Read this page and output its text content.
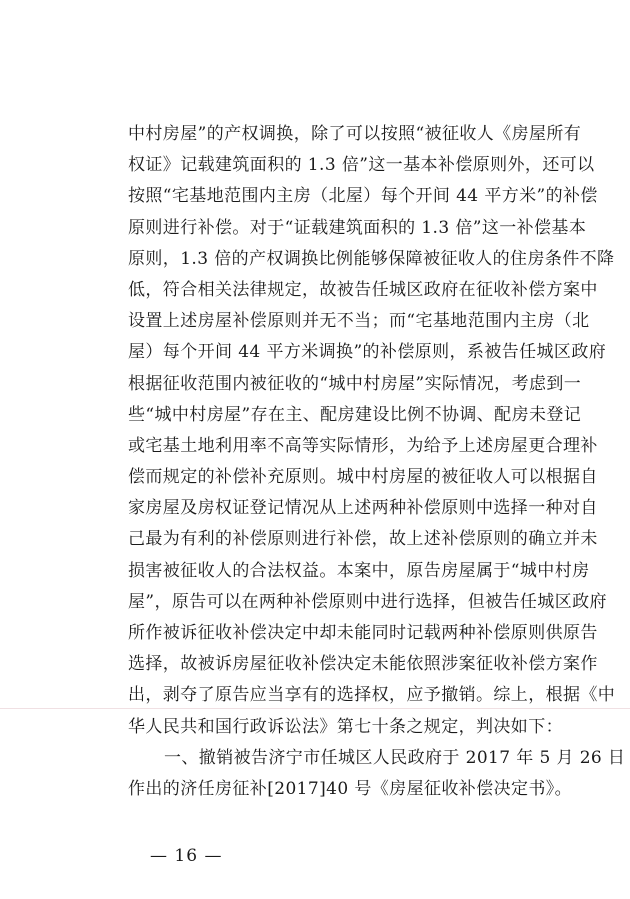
中村房屋”的产权调换，除了可以按照“被征收人《房屋所有
权证》记载建筑面积的 1.3 倍”这一基本补偿原则外，还可以
按照“宅基地范围内主房（北屋）每个开间 44 平方米”的补偿
原则进行补偿。对于“证载建筑面积的 1.3 倍”这一补偿基本
原则，1.3 倍的产权调换比例能够保障被征收人的住房条件不降
低，符合相关法律规定，故被告任城区政府在征收补偿方案中
设置上述房屋补偿原则并无不当；而“宅基地范围内主房（北
屋）每个开间 44 平方米调换”的补偿原则，系被告任城区政府
根据征收范围内被征收的“城中村房屋”实际情况，考虑到一
些“城中村房屋”存在主、配房建设比例不协调、配房未登记
或宅基土地利用率不高等实际情形，为给予上述房屋更合理补
偿而规定的补偿补充原则。城中村房屋的被征收人可以根据自
家房屋及房权证登记情况从上述两种补偿原则中选择一种对自
己最为有利的补偿原则进行补偿，故上述补偿原则的确立并未
损害被征收人的合法权益。本案中，原告房屋属于“城中村房
屋”，原告可以在两种补偿原则中进行选择，但被告任城区政府
所作被诉征收补偿决定中却未能同时记载两种补偿原则供原告
选择，故被诉房屋征收补偿决定未能依照涉案征收补偿方案作
出，剥夺了原告应当享有的选择权，应予撤销。综上，根据《中
华人民共和国行政诉讼法》第七十条之规定，判决如下：
一、撤销被告济宁市任城区人民政府于 2017 年 5 月 26 日
作出的济任房征补[2017]40 号《房屋征收补偿决定书》。
— 16 —
